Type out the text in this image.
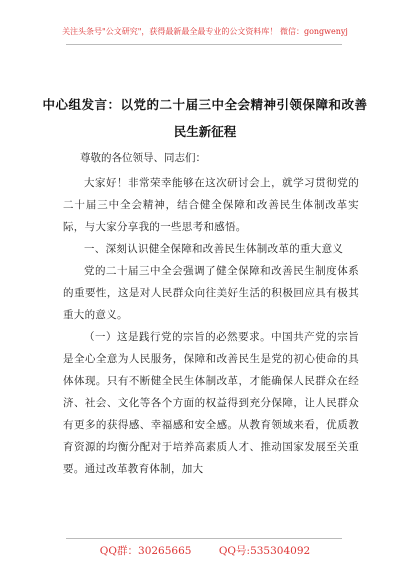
关注头条号"公文研究"，获得最新最全最专业的公文资料库！ 微信：gongwenyj
中心组发言：以党的二十届三中全会精神引领保障和改善
民生新征程
尊敬的各位领导、同志们：

大家好！非常荣幸能够在这次研讨会上，就学习贯彻党的二十届三中全会精神，结合健全保障和改善民生体制改革实际，与大家分享我的一些思考和感悟。

一、深刻认识健全保障和改善民生体制改革的重大意义

党的二十届三中全会强调了健全保障和改善民生制度体系的重要性，这是对人民群众向往美好生活的积极回应具有极其重大的意义。

（一）这是践行党的宗旨的必然要求。中国共产党的宗旨是全心全意为人民服务，保障和改善民生是党的初心使命的具体体现。只有不断健全民生体制改革，才能确保人民群众在经济、社会、文化等各个方面的权益得到充分保障，让人民群众有更多的获得感、幸福感和安全感。从教育领域来看，优质教育资源的均衡分配对于培养高素质人才、推动国家发展至关重要。通过改革教育体制，加大

QQ群：30265665	QQ号:535304092
